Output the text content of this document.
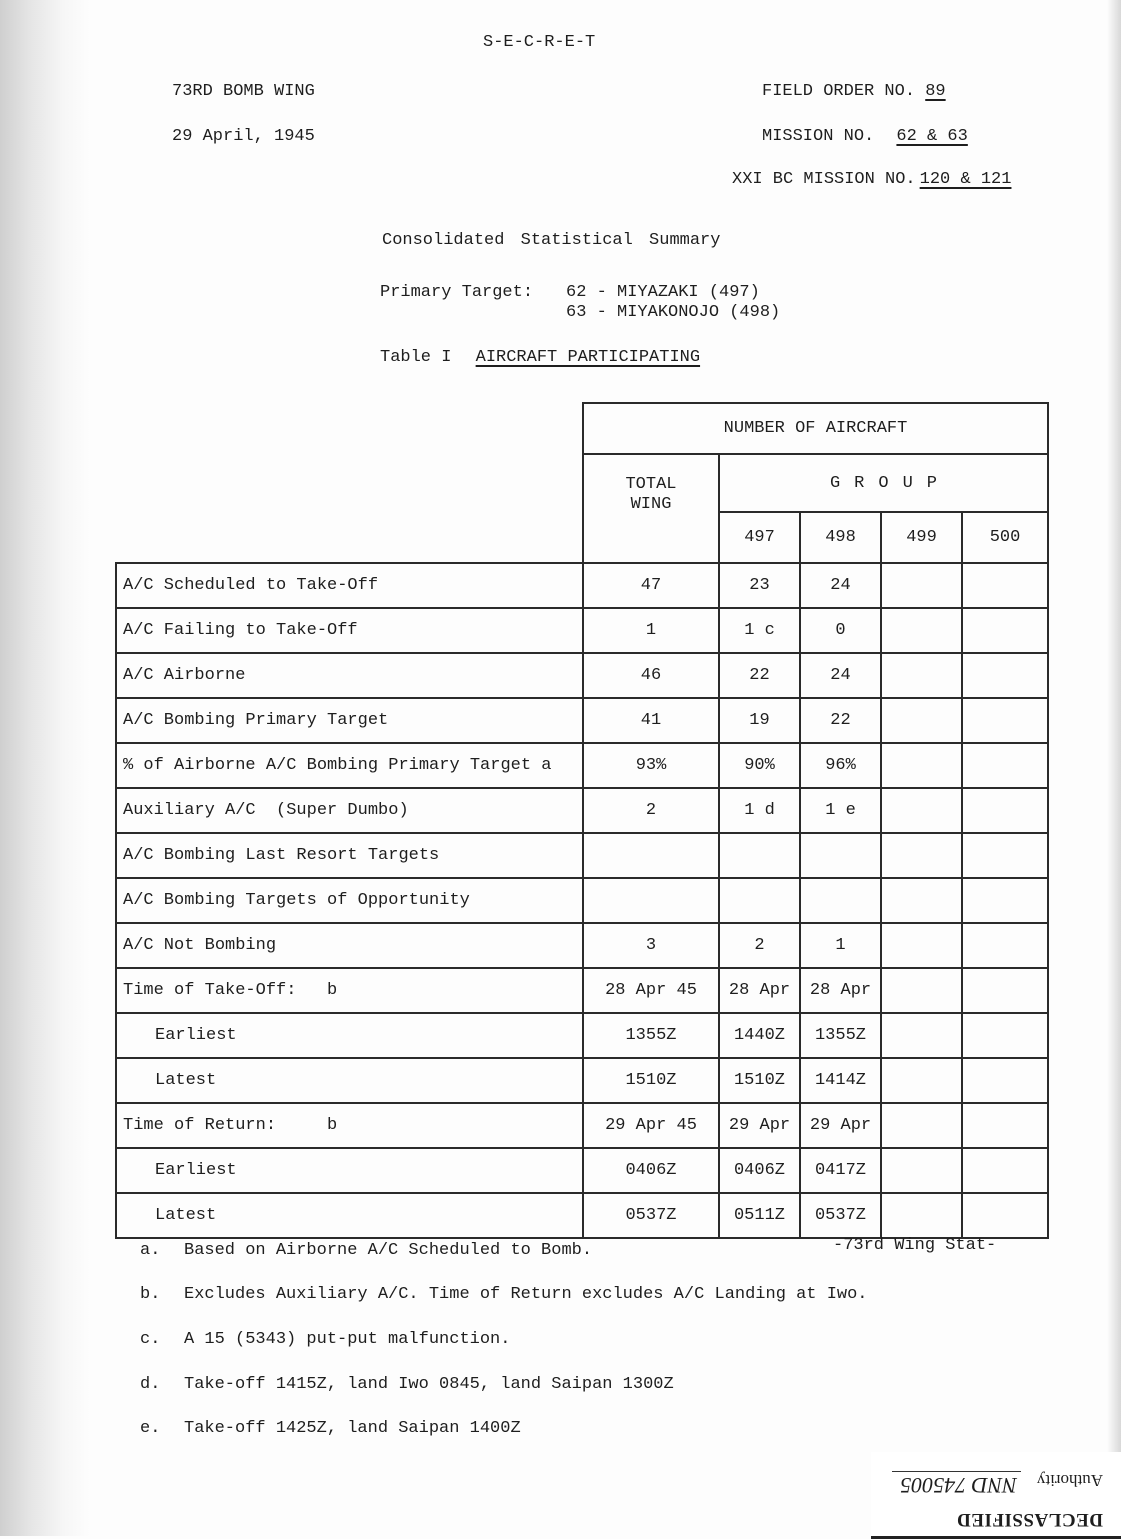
S-E-C-R-E-T
73RD BOMB WING
29 April, 1945
FIELD ORDER NO. 89
MISSION NO. 62 & 63
XXI BC MISSION NO. 120 & 121
Consolidated Statistical Summary
Primary Target: 62 - MIYAZAKI (497)
63 - MIYAKONOJO (498)
Table I AIRCRAFT PARTICIPATING
	NUMBER OF AIRCRAFT				
	TOTAL WING	GROUP			
		497	498	499	500
A/C Scheduled to Take-Off	47	23	24		
A/C Failing to Take-Off	1	1 c	0		
A/C Airborne	46	22	24		
A/C Bombing Primary Target	41	19	22		
% of Airborne A/C Bombing Primary Target a	93%	90%	96%		
Auxiliary A/C  (Super Dumbo)	2	1 d	1 e		
A/C Bombing Last Resort Targets					
A/C Bombing Targets of Opportunity					
A/C Not Bombing	3	2	1		
Time of Take-Off:   b	28 Apr 45	28 Apr	28 Apr		
Earliest	1355Z	1440Z	1355Z		
Latest	1510Z	1510Z	1414Z		
Time of Return:     b	29 Apr 45	29 Apr	29 Apr		
Earliest	0406Z	0406Z	0417Z		
Latest	0537Z	0511Z	0537Z		
-73rd Wing Stat-
a. Based on Airborne A/C Scheduled to Bomb.
b. Excludes Auxiliary A/C. Time of Return excludes A/C Landing at Iwo.
c. A 15 (5343) put-put malfunction.
d. Take-off 1415Z, land Iwo 0845, land Saipan 1300Z
e. Take-off 1425Z, land Saipan 1400Z
DECLASSIFIED
Authority
NND 745005
